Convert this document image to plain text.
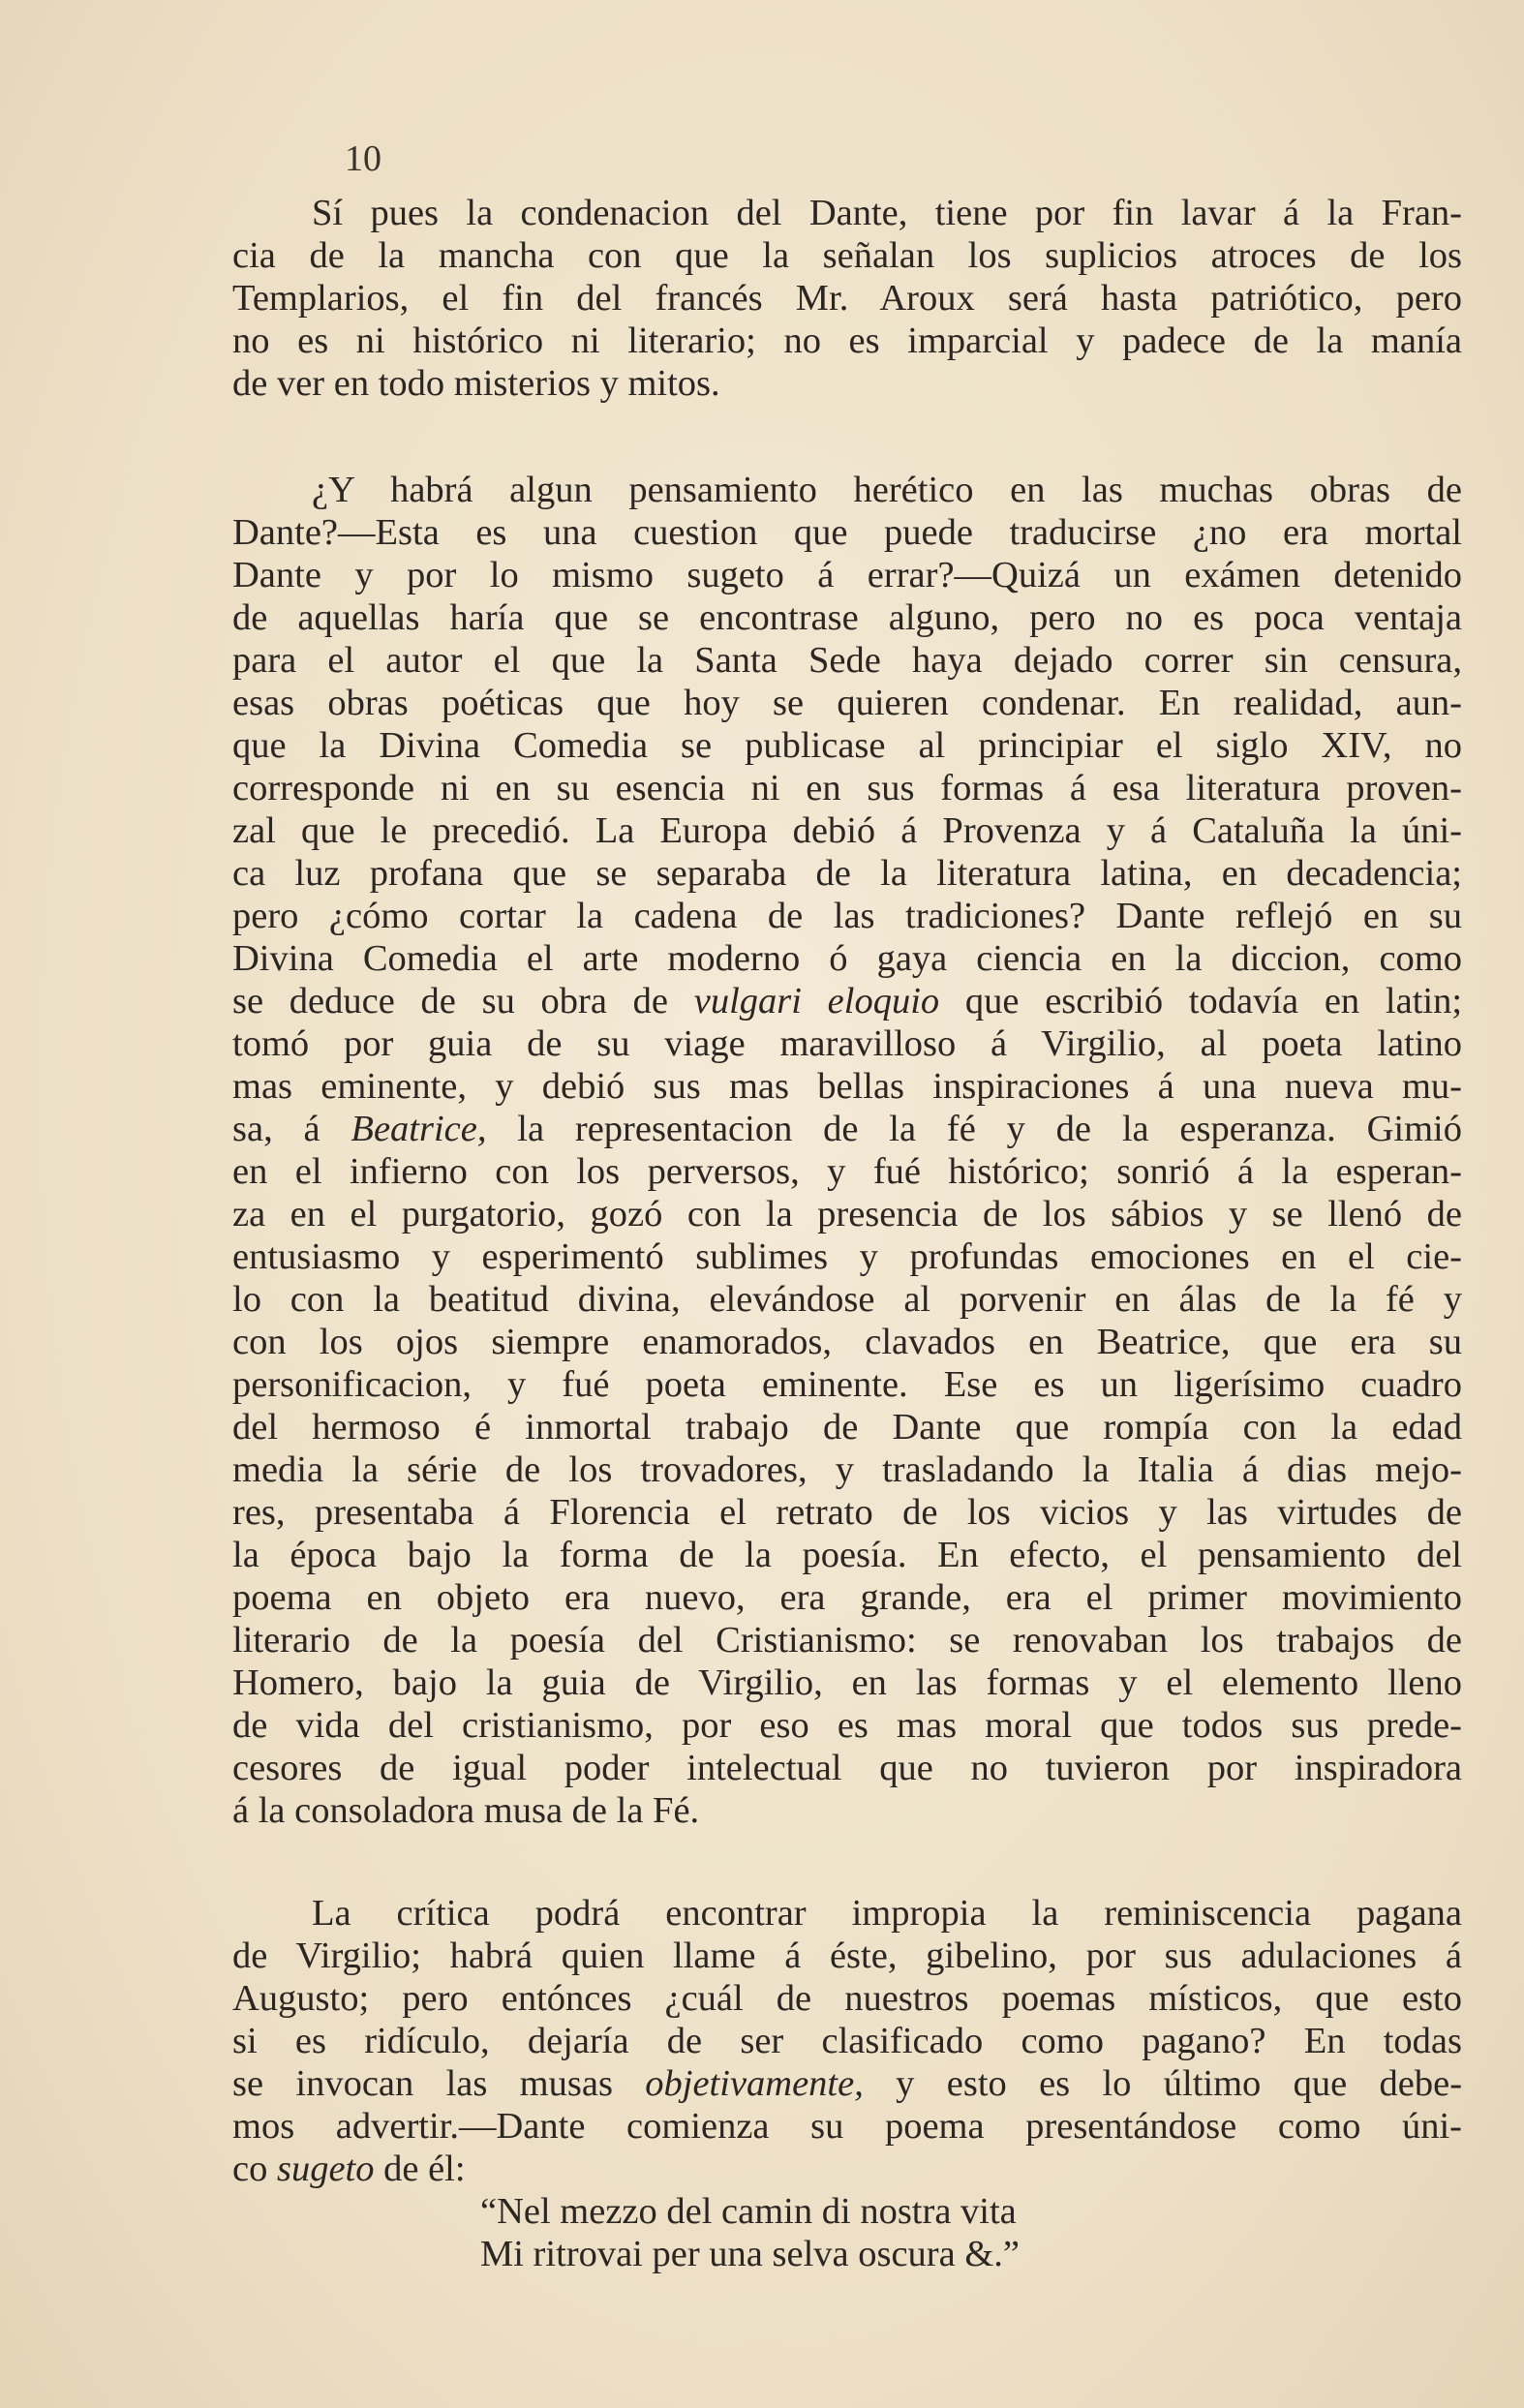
10

Sí pues la condenacion del Dante, tiene por fin lavar á la Fran-
cia de la mancha con que la señalan los suplicios atroces de los
Templarios, el fin del francés Mr. Aroux será hasta patriótico, pero
no es ni histórico ni literario; no es imparcial y padece de la manía
de ver en todo misterios y mitos.

¿Y habrá algun pensamiento herético en las muchas obras de
Dante?—Esta es una cuestion que puede traducirse ¿no era mortal
Dante y por lo mismo sugeto á errar?—Quizá un exámen detenido
de aquellas haría que se encontrase alguno, pero no es poca ventaja
para el autor el que la Santa Sede haya dejado correr sin censura,
esas obras poéticas que hoy se quieren condenar. En realidad, aun-
que la Divina Comedia se publicase al principiar el siglo XIV, no
corresponde ni en su esencia ni en sus formas á esa literatura proven-
zal que le precedió. La Europa debió á Provenza y á Cataluña la úni-
ca luz profana que se separaba de la literatura latina, en decadencia;
pero ¿cómo cortar la cadena de las tradiciones? Dante reflejó en su
Divina Comedia el arte moderno ó gaya ciencia en la diccion, como
se deduce de su obra de vulgari eloquio que escribió todavía en latin;
tomó por guia de su viage maravilloso á Virgilio, al poeta latino
mas eminente, y debió sus mas bellas inspiraciones á una nueva mu-
sa, á Beatrice, la representacion de la fé y de la esperanza. Gimió
en el infierno con los perversos, y fué histórico; sonrió á la esperan-
za en el purgatorio, gozó con la presencia de los sábios y se llenó de
entusiasmo y esperimentó sublimes y profundas emociones en el cie-
lo con la beatitud divina, elevándose al porvenir en álas de la fé y
con los ojos siempre enamorados, clavados en Beatrice, que era su
personificacion, y fué poeta eminente. Ese es un ligerísimo cuadro
del hermoso é inmortal trabajo de Dante que rompía con la edad
media la série de los trovadores, y trasladando la Italia á dias mejo-
res, presentaba á Florencia el retrato de los vicios y las virtudes de
la época bajo la forma de la poesía. En efecto, el pensamiento del
poema en objeto era nuevo, era grande, era el primer movimiento
literario de la poesía del Cristianismo: se renovaban los trabajos de
Homero, bajo la guia de Virgilio, en las formas y el elemento lleno
de vida del cristianismo, por eso es mas moral que todos sus prede-
cesores de igual poder intelectual que no tuvieron por inspiradora
á la consoladora musa de la Fé.

La crítica podrá encontrar impropia la reminiscencia pagana
de Virgilio; habrá quien llame á éste, gibelino, por sus adulaciones á
Augusto; pero entónces ¿cuál de nuestros poemas místicos, que esto
si es ridículo, dejaría de ser clasificado como pagano? En todas
se invocan las musas objetivamente, y esto es lo último que debe-
mos advertir.—Dante comienza su poema presentándose como úni-
co sugeto de él:

“Nel mezzo del camin di nostra vita
Mi ritrovai per una selva oscura &.”
